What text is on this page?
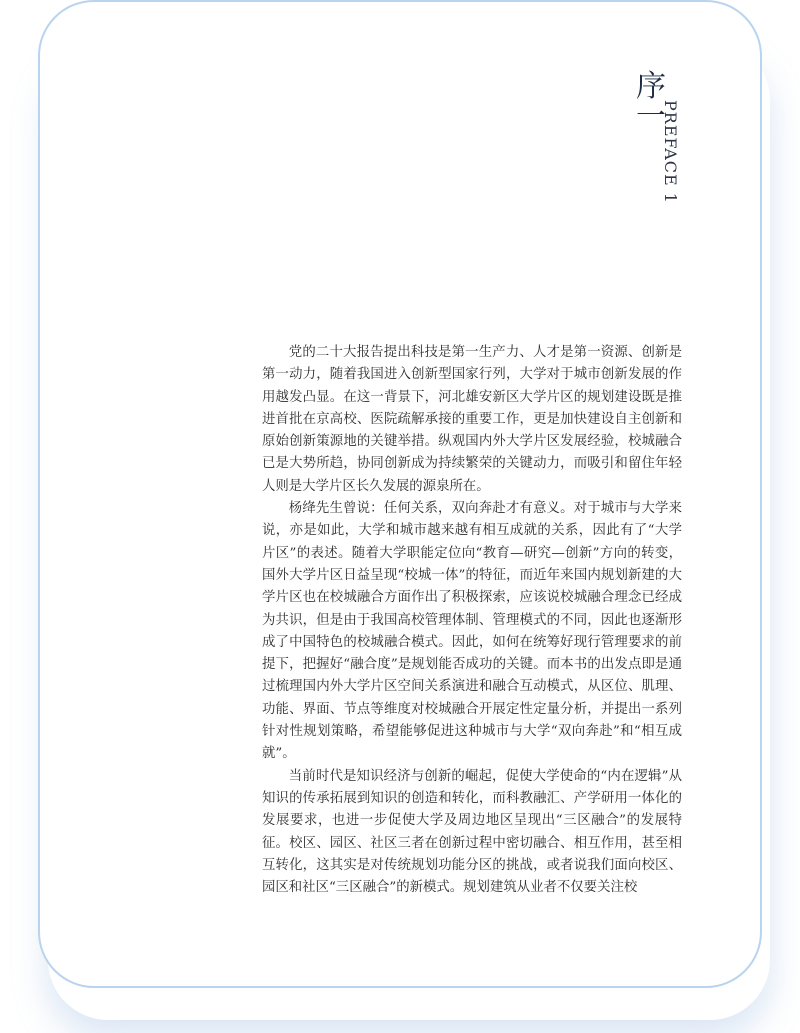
序
一
PREFACE 1

党的二十大报告提出科技是第一生产力、人才是第一资源、创新是第一动力，随着我国进入创新型国家行列，大学对于城市创新发展的作用越发凸显。在这一背景下，河北雄安新区大学片区的规划建设既是推进首批在京高校、医院疏解承接的重要工作，更是加快建设自主创新和原始创新策源地的关键举措。纵观国内外大学片区发展经验，校城融合已是大势所趋，协同创新成为持续繁荣的关键动力，而吸引和留住年轻人则是大学片区长久发展的源泉所在。

杨绛先生曾说：任何关系，双向奔赴才有意义。对于城市与大学来说，亦是如此，大学和城市越来越有相互成就的关系，因此有了“大学片区”的表述。随着大学职能定位向“教育—研究—创新”方向的转变，国外大学片区日益呈现“校城一体”的特征，而近年来国内规划新建的大学片区也在校城融合方面作出了积极探索，应该说校城融合理念已经成为共识，但是由于我国高校管理体制、管理模式的不同，因此也逐渐形成了中国特色的校城融合模式。因此，如何在统筹好现行管理要求的前提下，把握好“融合度”是规划能否成功的关键。而本书的出发点即是通过梳理国内外大学片区空间关系演进和融合互动模式，从区位、肌理、功能、界面、节点等维度对校城融合开展定性定量分析，并提出一系列针对性规划策略，希望能够促进这种城市与大学“双向奔赴”和“相互成就”。

当前时代是知识经济与创新的崛起，促使大学使命的“内在逻辑”从知识的传承拓展到知识的创造和转化，而科教融汇、产学研用一体化的发展要求，也进一步促使大学及周边地区呈现出“三区融合”的发展特征。校区、园区、社区三者在创新过程中密切融合、相互作用，甚至相互转化，这其实是对传统规划功能分区的挑战，或者说我们面向校区、园区和社区“三区融合”的新模式。规划建筑从业者不仅要关注校
